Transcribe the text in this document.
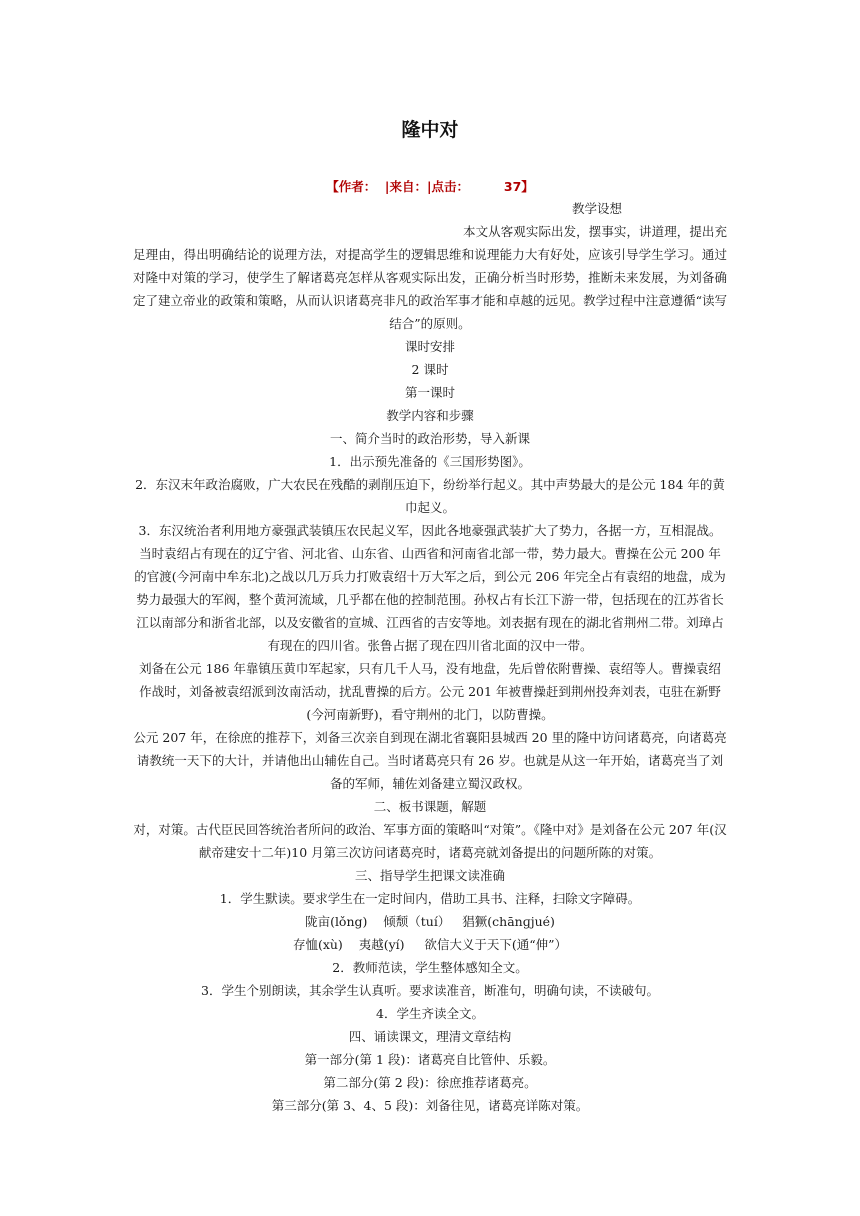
隆中对
【作者：  |来自：|点击：        37】

教学设想

本文从客观实际出发，摆事实，讲道理，提出充足理由，得出明确结论的说理方法，对提高学生的逻辑思维和说理能力大有好处，应该引导学生学习。通过对隆中对策的学习，使学生了解诸葛亮怎样从客观实际出发，正确分析当时形势，推断未来发展，为刘备确定了建立帝业的政策和策略，从而认识诸葛亮非凡的政治军事才能和卓越的远见。教学过程中注意遵循“读写结合”的原则。

课时安排

2 课时

第一课时

教学内容和步骤

一、简介当时的政治形势，导入新课

1．出示预先准备的《三国形势图》。

2．东汉末年政治腐败，广大农民在残酷的剥削压迫下，纷纷举行起义。其中声势最大的是公元 184 年的黄巾起义。

3．东汉统治者利用地方豪强武装镇压农民起义军，因此各地豪强武装扩大了势力，各据一方，互相混战。当时袁绍占有现在的辽宁省、河北省、山东省、山西省和河南省北部一带，势力最大。曹操在公元 200 年的官渡(今河南中牟东北)之战以几万兵力打败袁绍十万大军之后，到公元 206 年完全占有袁绍的地盘，成为势力最强大的军阀，整个黄河流域，几乎都在他的控制范围。孙权占有长江下游一带，包括现在的江苏省长江以南部分和浙省北部，以及安徽省的宣城、江西省的吉安等地。刘表据有现在的湖北省荆州二带。刘璋占有现在的四川省。张鲁占据了现在四川省北面的汉中一带。

刘备在公元 186 年靠镇压黄巾军起家，只有几千人马，没有地盘，先后曾依附曹操、袁绍等人。曹操袁绍作战时，刘备被袁绍派到汝南活动，扰乱曹操的后方。公元 201 年被曹操赶到荆州投奔刘表，屯驻在新野(今河南新野)，看守荆州的北门，以防曹操。

公元 207 年，在徐庶的推荐下，刘备三次亲自到现在湖北省襄阳县城西 20 里的隆中访问诸葛亮，向诸葛亮请教统一天下的大计，并请他出山辅佐自己。当时诸葛亮只有 26 岁。也就是从这一年开始，诸葛亮当了刘备的军师，辅佐刘备建立蜀汉政权。

二、板书课题，解题

对，对策。古代臣民回答统治者所问的政治、军事方面的策略叫“对策”。《隆中对》是刘备在公元 207 年(汉献帝建安十二年)10 月第三次访问诸葛亮时，诸葛亮就刘备提出的问题所陈的对策。

三、指导学生把课文读准确

1．学生默读。要求学生在一定时间内，借助工具书、注释，扫除文字障碍。

陇亩(lǒng)    倾颓（tuí）   猖獗(chānɡjué)

存恤(xù)    夷越(yí)     欲信大义于天下(通“伸”）

2．教师范读，学生整体感知全文。

3．学生个别朗读，其余学生认真听。要求读准音，断准句，明确句读，不读破句。

4．学生齐读全文。

四、诵读课文，理清文章结构

第一部分(第 1 段)：诸葛亮自比管仲、乐毅。

第二部分(第 2 段)：徐庶推荐诸葛亮。

第三部分(第 3、4、5 段)：刘备往见，诸葛亮详陈对策。
